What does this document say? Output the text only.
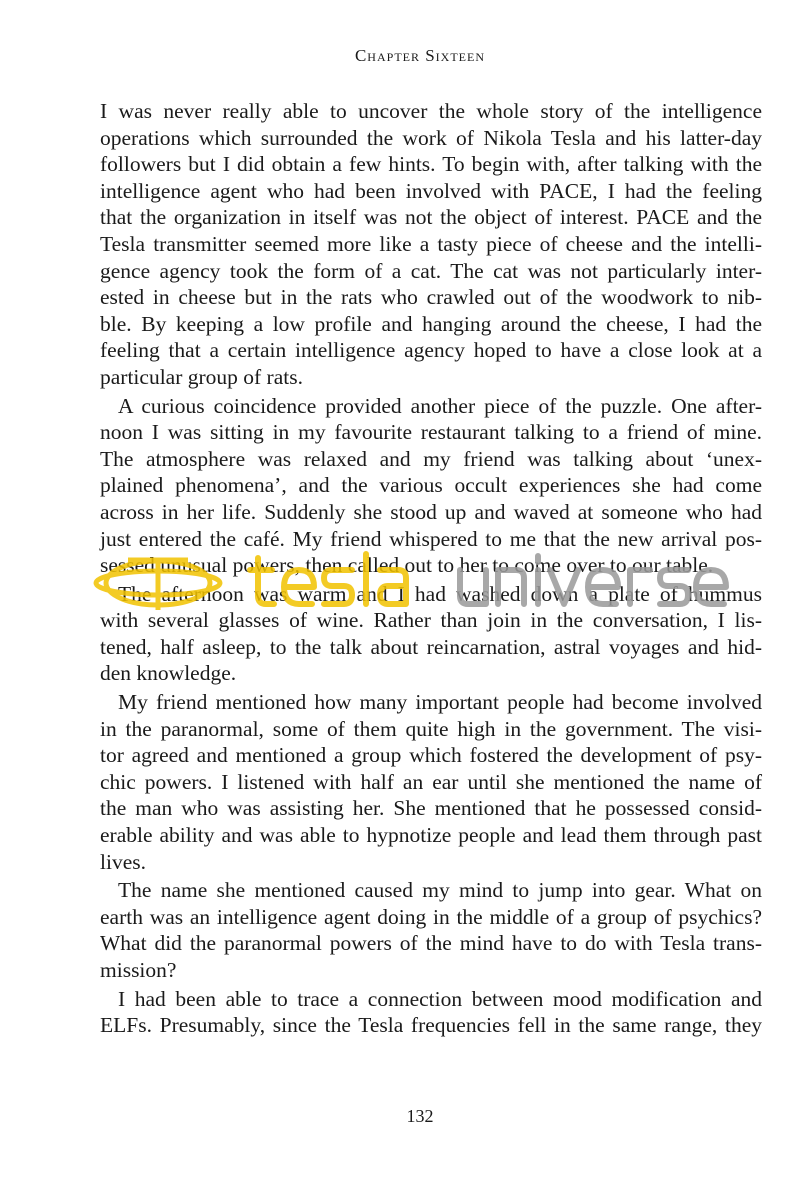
Chapter Sixteen
I was never really able to uncover the whole story of the intelligence
operations which surrounded the work of Nikola Tesla and his latter-day
followers but I did obtain a few hints. To begin with, after talking with the
intelligence agent who had been involved with PACE, I had the feeling
that the organization in itself was not the object of interest. PACE and the
Tesla transmitter seemed more like a tasty piece of cheese and the intelli-
gence agency took the form of a cat. The cat was not particularly inter-
ested in cheese but in the rats who crawled out of the woodwork to nib-
ble. By keeping a low profile and hanging around the cheese, I had the
feeling that a certain intelligence agency hoped to have a close look at a
particular group of rats.
A curious coincidence provided another piece of the puzzle. One after-
noon I was sitting in my favourite restaurant talking to a friend of mine.
The atmosphere was relaxed and my friend was talking about ‘unex-
plained phenomena’, and the various occult experiences she had come
across in her life. Suddenly she stood up and waved at someone who had
just entered the café. My friend whispered to me that the new arrival pos-
sessed unusual powers, then called out to her to come over to our table.
The afternoon was warm and I had washed down a plate of hummus
with several glasses of wine. Rather than join in the conversation, I lis-
tened, half asleep, to the talk about reincarnation, astral voyages and hid-
den knowledge.
My friend mentioned how many important people had become involved
in the paranormal, some of them quite high in the government. The visi-
tor agreed and mentioned a group which fostered the development of psy-
chic powers. I listened with half an ear until she mentioned the name of
the man who was assisting her. She mentioned that he possessed consid-
erable ability and was able to hypnotize people and lead them through past
lives.
The name she mentioned caused my mind to jump into gear. What on
earth was an intelligence agent doing in the middle of a group of psychics?
What did the paranormal powers of the mind have to do with Tesla trans-
mission?
I had been able to trace a connection between mood modification and
ELFs. Presumably, since the Tesla frequencies fell in the same range, they
132
